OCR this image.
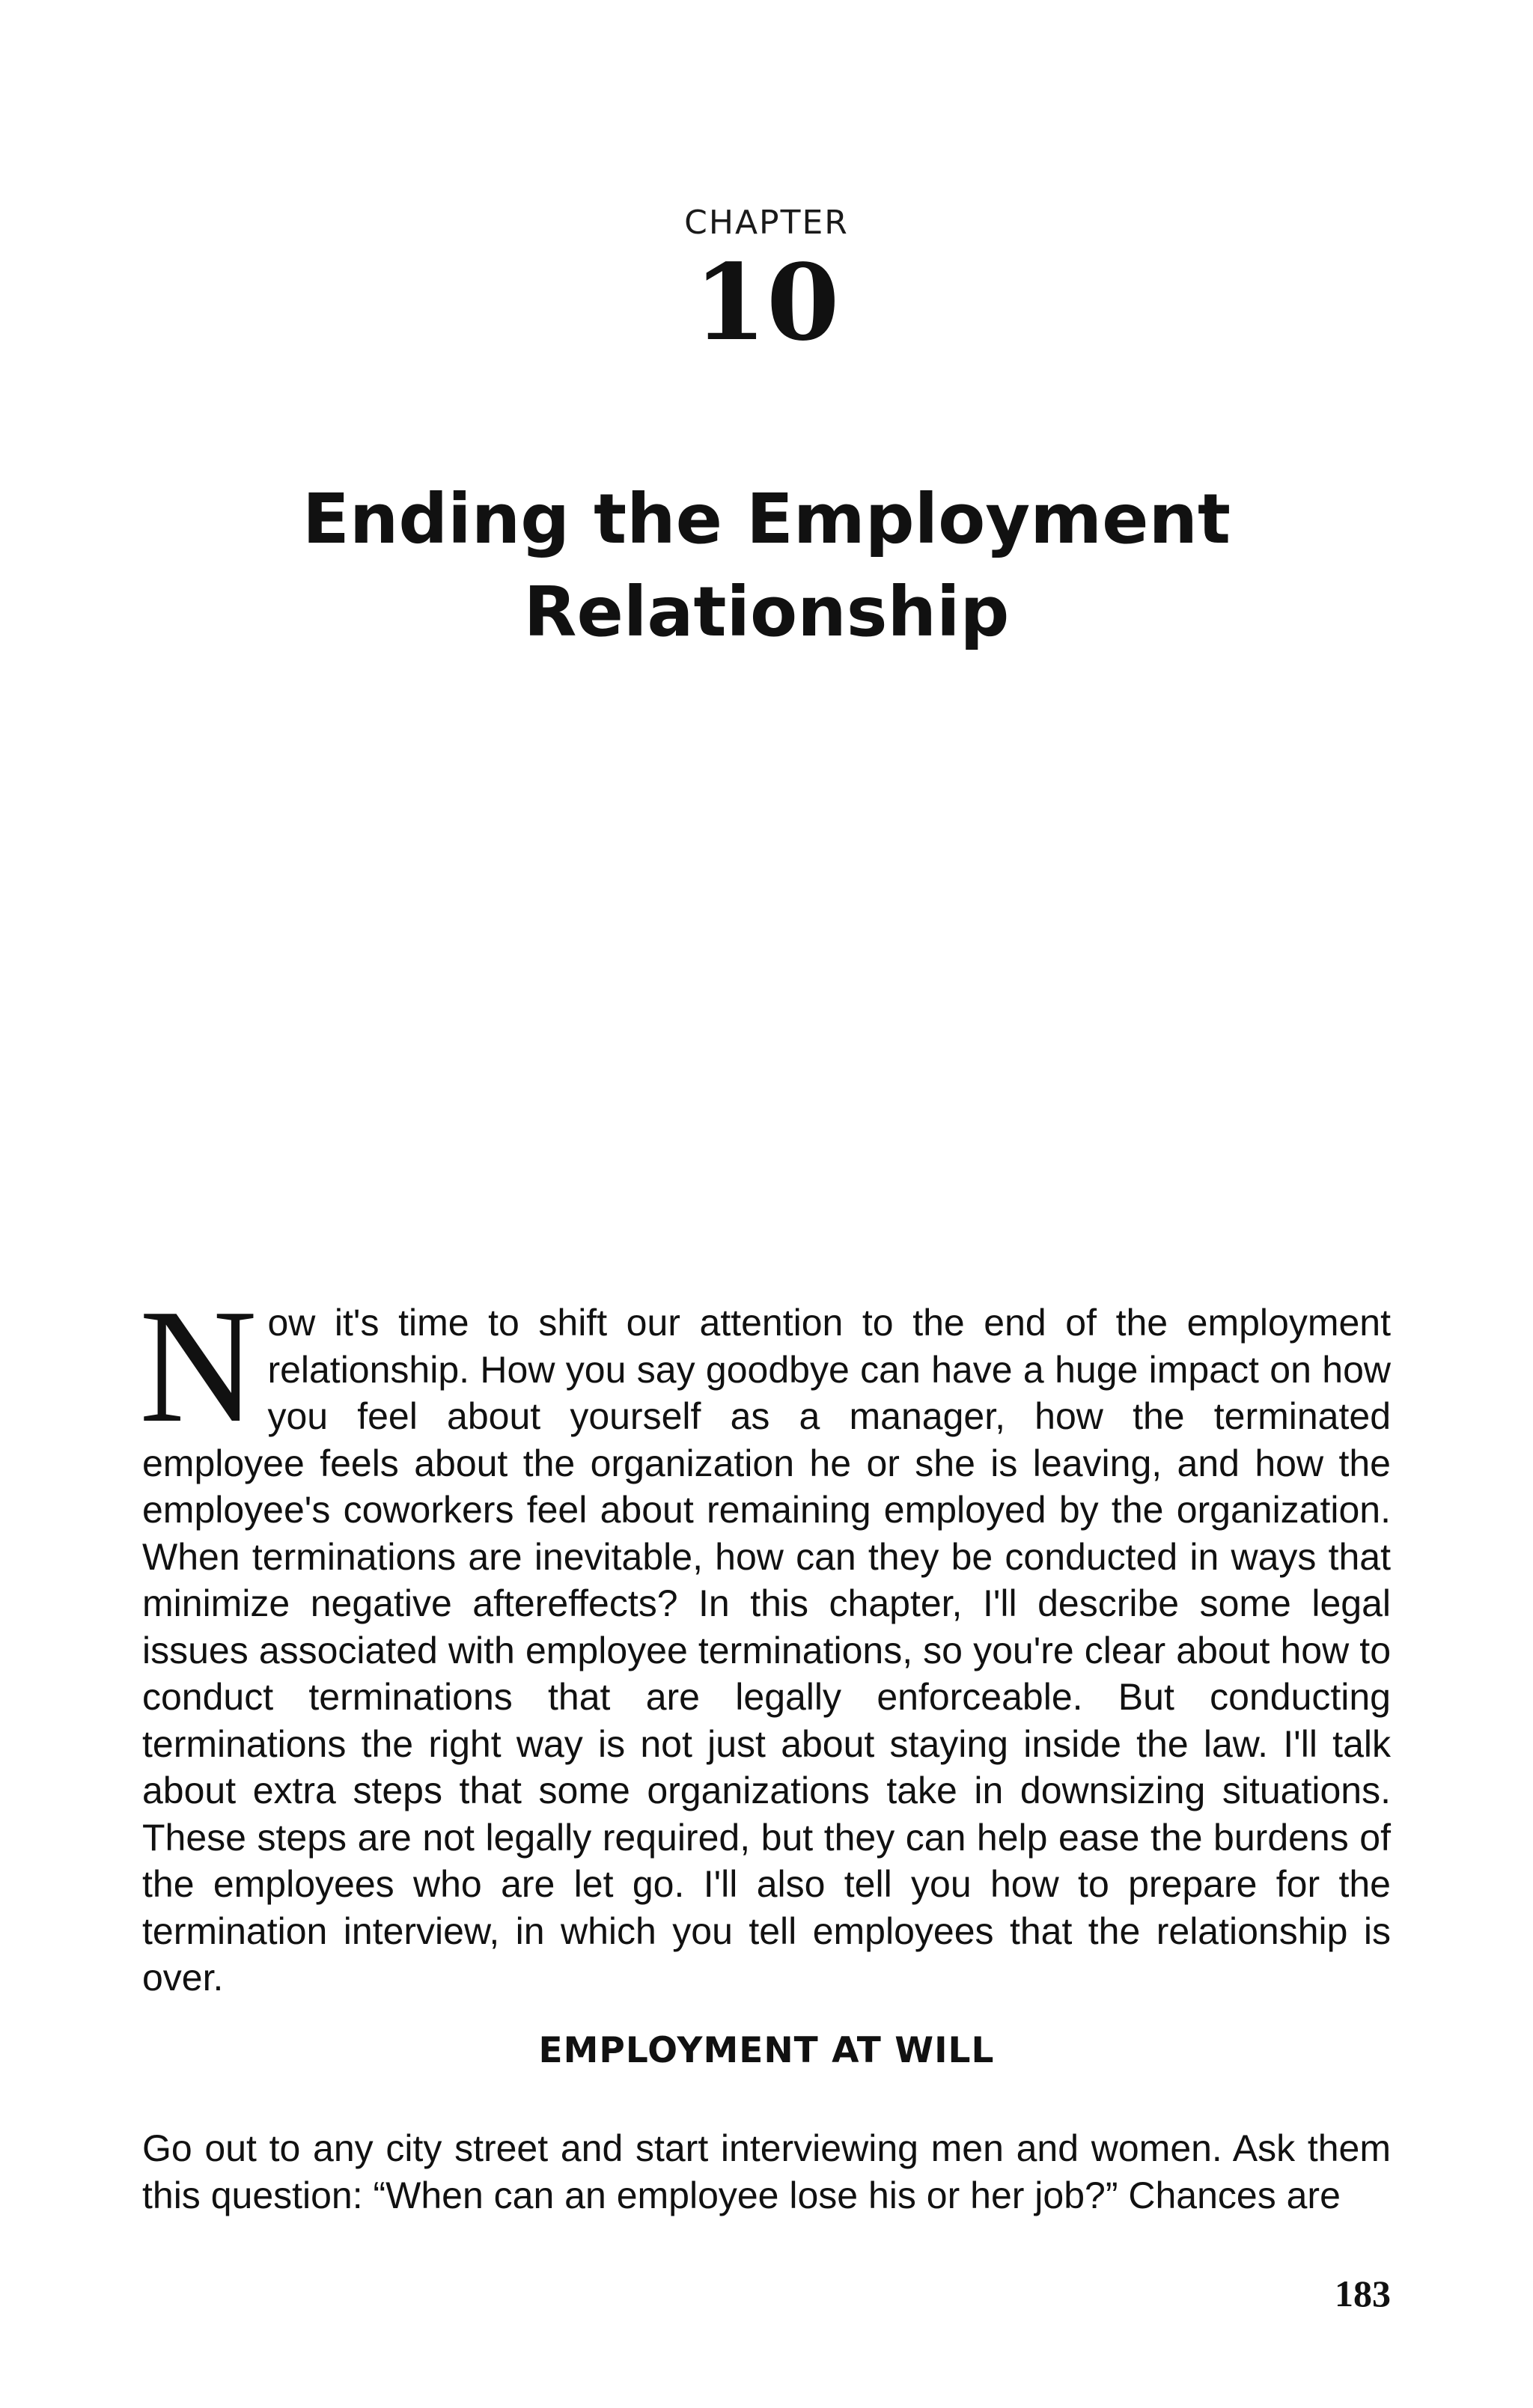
CHAPTER
10
Ending the Employment
Relationship
Now it's time to shift our attention to the end of the employment relationship. How you say goodbye can have a huge impact on how you feel about yourself as a manager, how the terminated employee feels about the organization he or she is leaving, and how the employee's coworkers feel about remaining employed by the organization. When terminations are inevitable, how can they be conducted in ways that minimize negative aftereffects? In this chapter, I'll describe some legal issues associated with employee terminations, so you're clear about how to conduct terminations that are legally enforceable. But conducting terminations the right way is not just about staying inside the law. I'll talk about extra steps that some organizations take in downsizing situations. These steps are not legally required, but they can help ease the burdens of the employees who are let go. I'll also tell you how to prepare for the termination interview, in which you tell employees that the relationship is over.
EMPLOYMENT AT WILL
Go out to any city street and start interviewing men and women. Ask them this question: “When can an employee lose his or her job?” Chances are
183
